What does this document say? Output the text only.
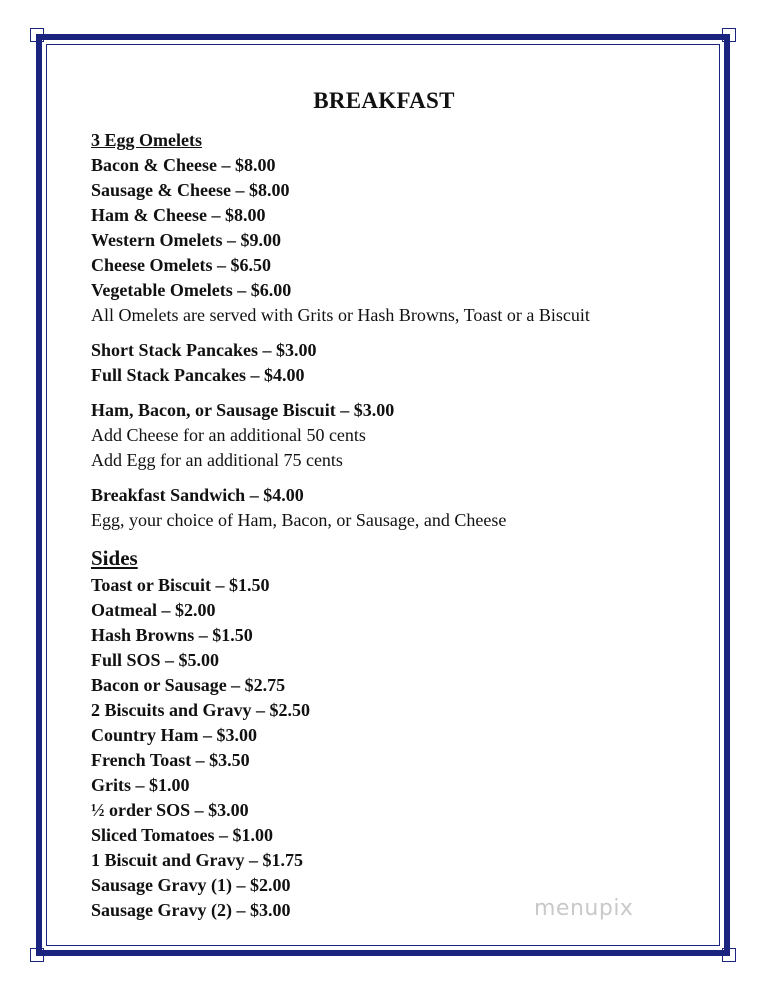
BREAKFAST
3 Egg Omelets
Bacon & Cheese – $8.00
Sausage & Cheese – $8.00
Ham & Cheese – $8.00
Western Omelets – $9.00
Cheese Omelets – $6.50
Vegetable Omelets – $6.00
All Omelets are served with Grits or Hash Browns, Toast or a Biscuit
Short Stack Pancakes – $3.00
Full Stack Pancakes – $4.00
Ham, Bacon, or Sausage Biscuit – $3.00
Add Cheese for an additional 50 cents
Add Egg for an additional 75 cents
Breakfast Sandwich – $4.00
Egg, your choice of Ham, Bacon, or Sausage, and Cheese
Sides
Toast or Biscuit – $1.50
Oatmeal – $2.00
Hash Browns – $1.50
Full SOS – $5.00
Bacon or Sausage – $2.75
2 Biscuits and Gravy – $2.50
Country Ham – $3.00
French Toast – $3.50
Grits – $1.00
½ order SOS – $3.00
Sliced Tomatoes – $1.00
1 Biscuit and Gravy – $1.75
Sausage Gravy (1) – $2.00
Sausage Gravy (2) – $3.00	menupix
